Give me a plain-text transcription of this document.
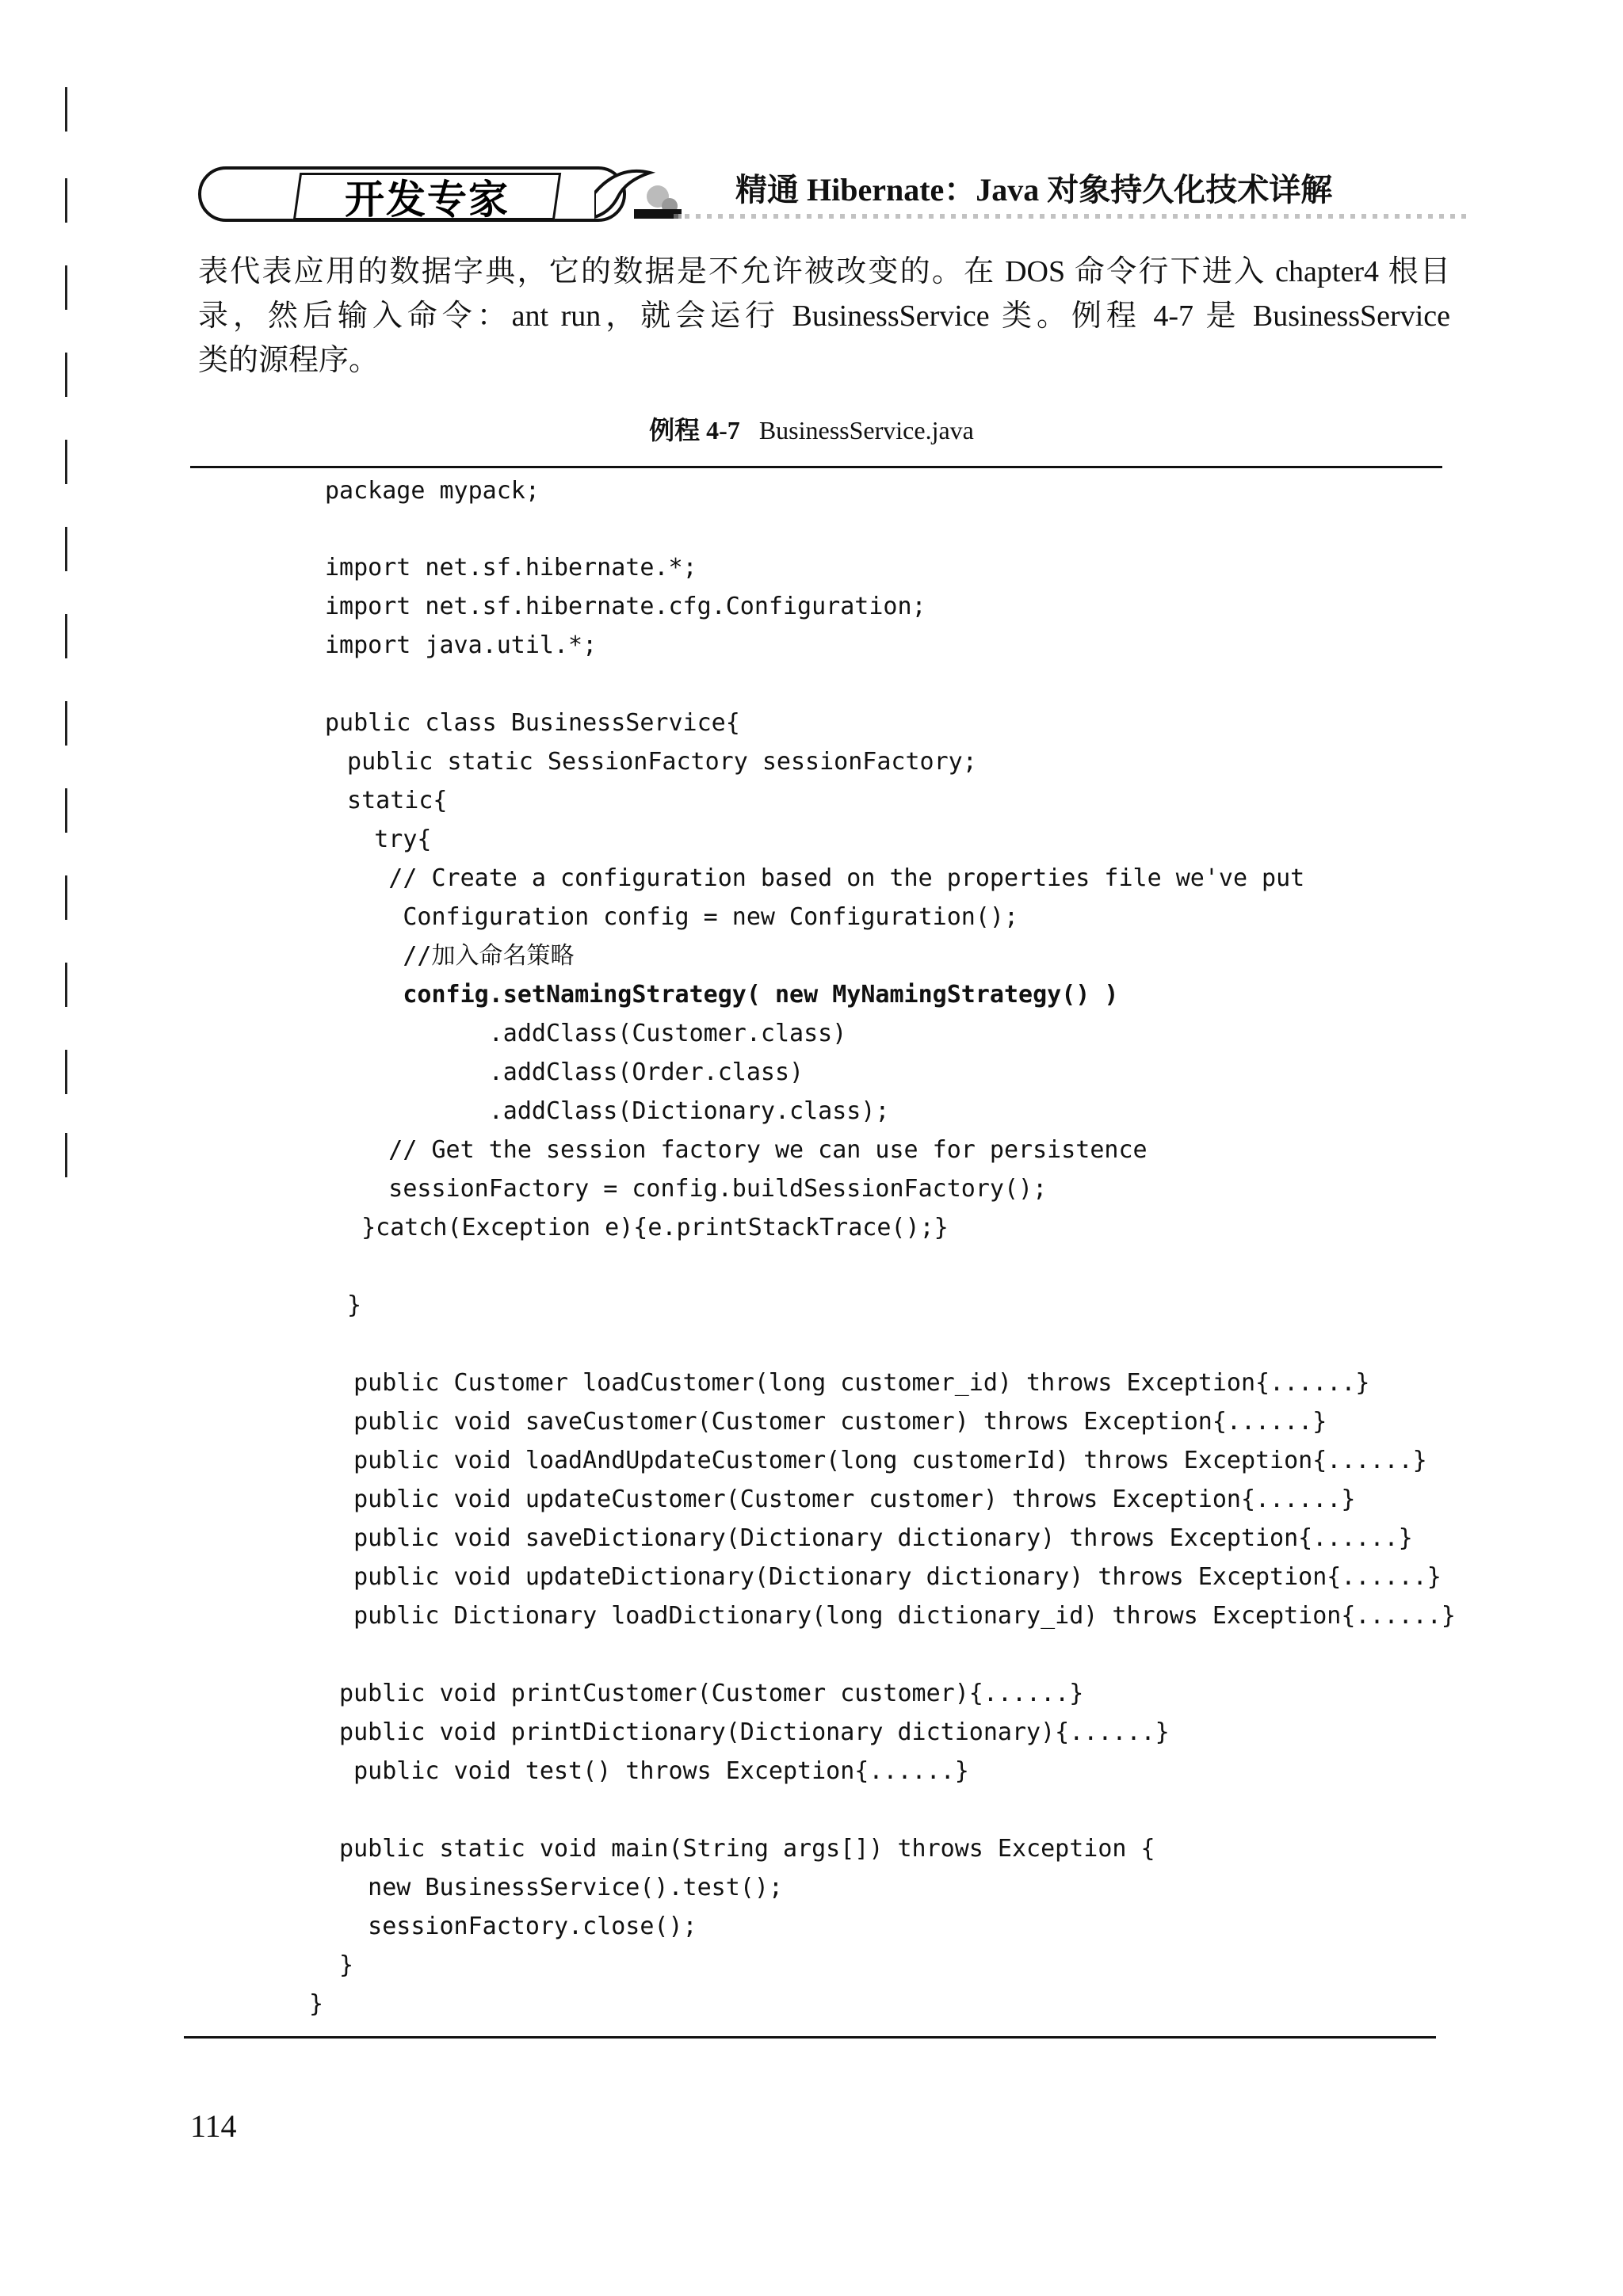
开发专家	精通 Hibernate：Java 对象持久化技术详解
表代表应用的数据字典，它的数据是不允许被改变的。在 DOS 命令行下进入 chapter4 根目
录，然后输入命令：ant run，就会运行 BusinessService 类。例程 4-7 是 BusinessService
类的源程序。
例程 4-7 BusinessService.java
package mypack;
import net.sf.hibernate.*;
import net.sf.hibernate.cfg.Configuration;
import java.util.*;
public class BusinessService{
public static SessionFactory sessionFactory;
static{
try{
// Create a configuration based on the properties file we've put
Configuration config = new Configuration();
//加入命名策略
config.setNamingStrategy( new MyNamingStrategy() )
.addClass(Customer.class)
.addClass(Order.class)
.addClass(Dictionary.class);
// Get the session factory we can use for persistence
sessionFactory = config.buildSessionFactory();
}catch(Exception e){e.printStackTrace();}
}
public Customer loadCustomer(long customer_id) throws Exception{......}
public void saveCustomer(Customer customer) throws Exception{......}
public void loadAndUpdateCustomer(long customerId) throws Exception{......}
public void updateCustomer(Customer customer) throws Exception{......}
public void saveDictionary(Dictionary dictionary) throws Exception{......}
public void updateDictionary(Dictionary dictionary) throws Exception{......}
public Dictionary loadDictionary(long dictionary_id) throws Exception{......}
public void printCustomer(Customer customer){......}
public void printDictionary(Dictionary dictionary){......}
public void test() throws Exception{......}
public static void main(String args[]) throws Exception {
new BusinessService().test();
sessionFactory.close();
}
}
114
